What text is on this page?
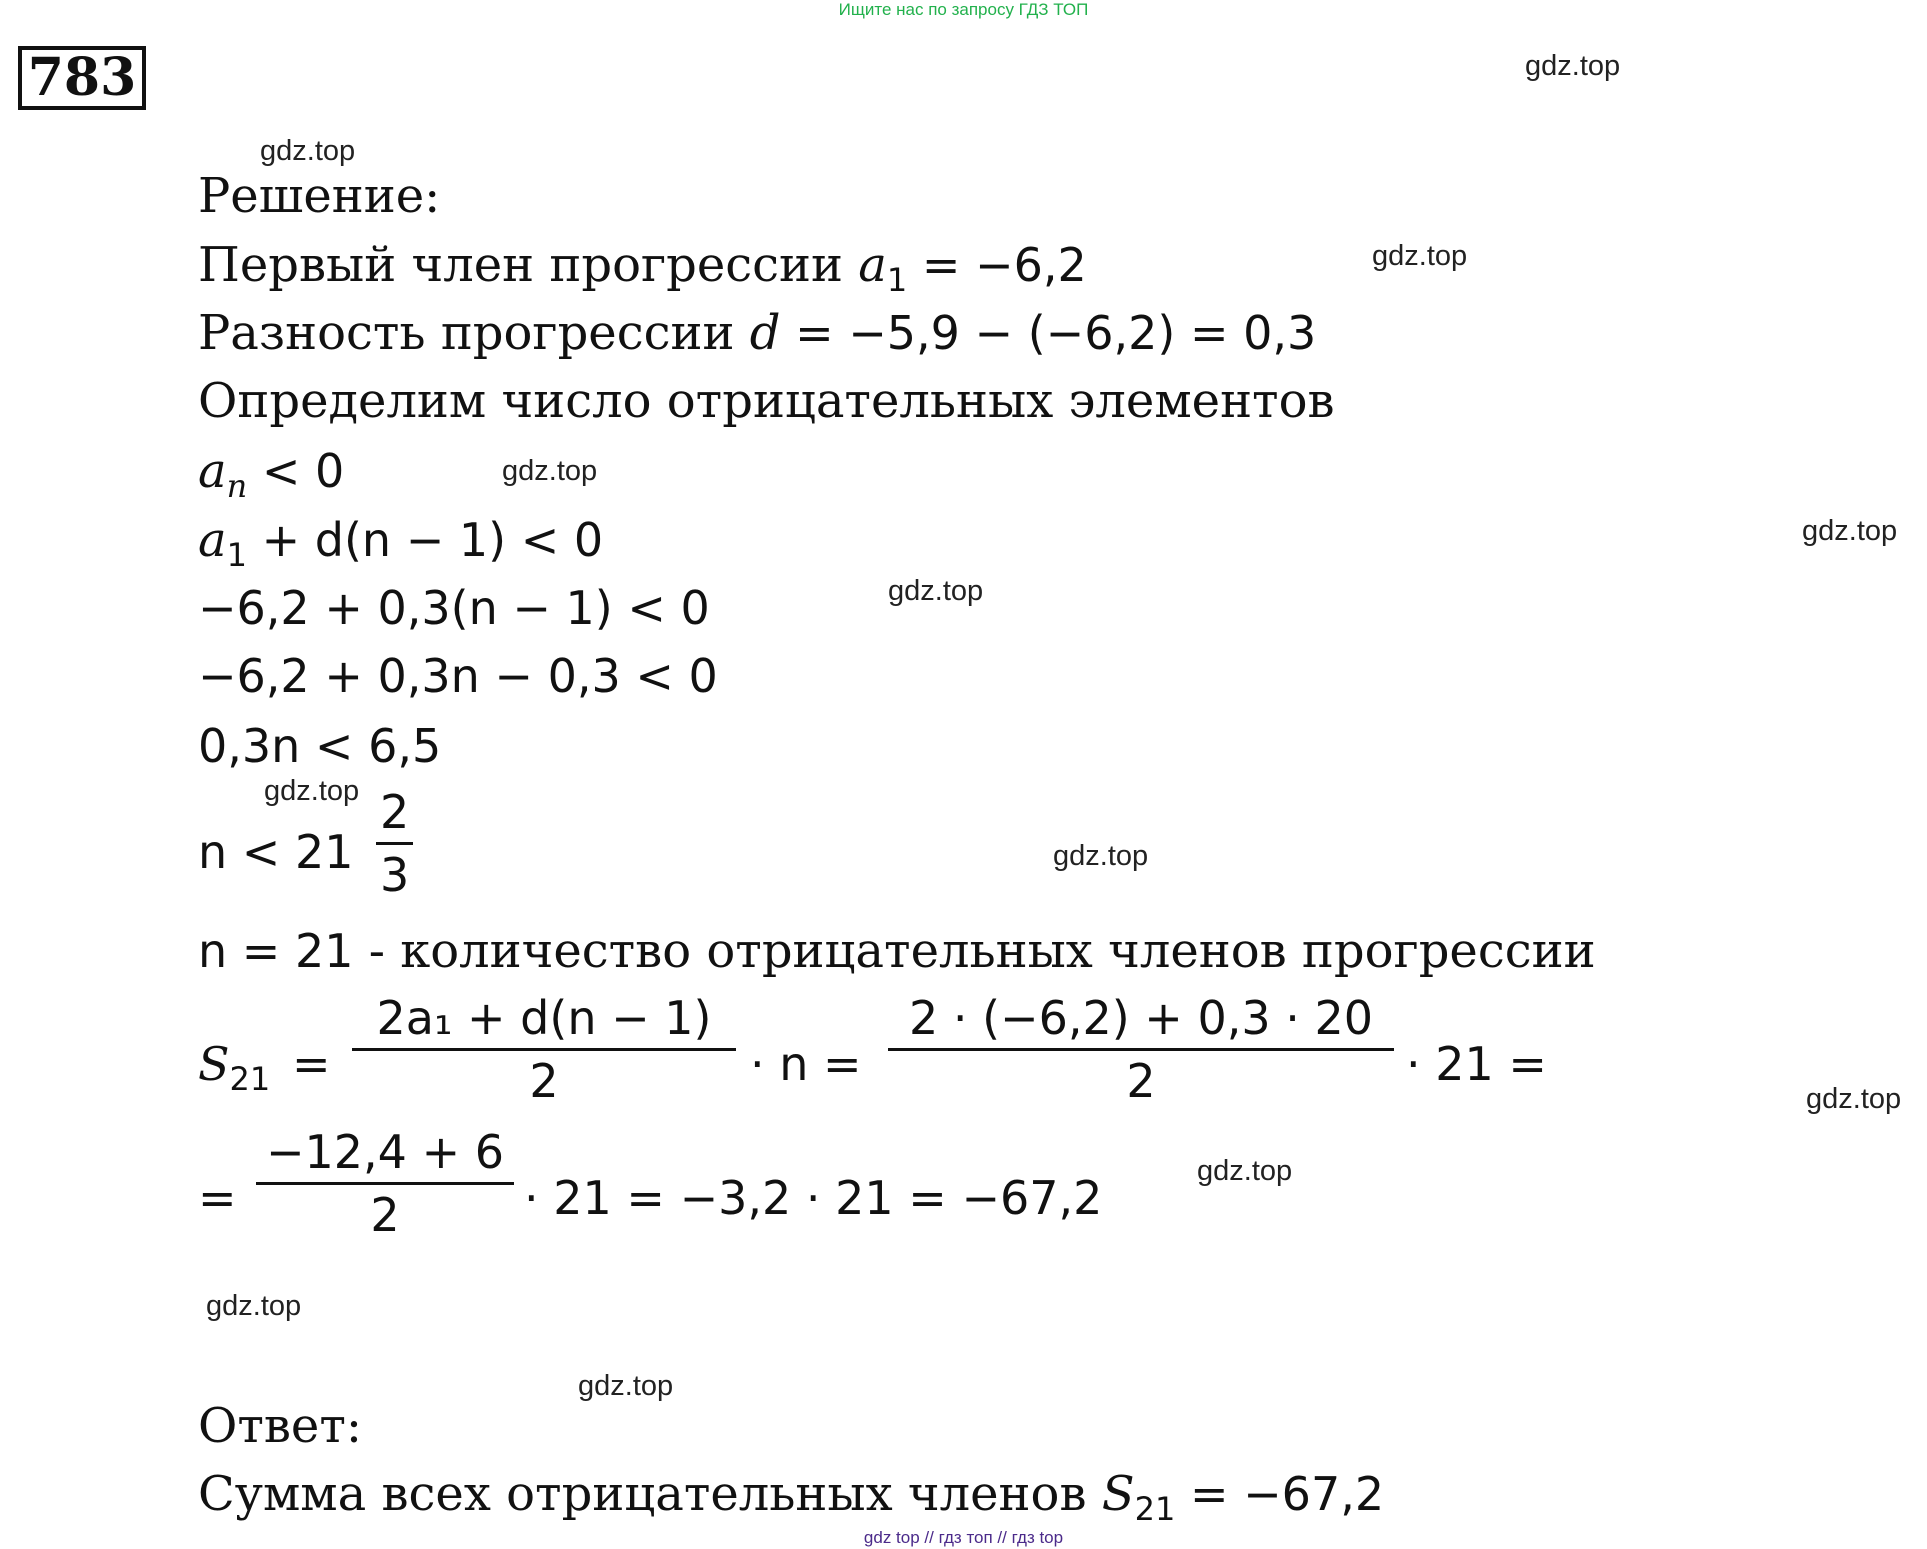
Ищите нас по запросу ГДЗ ТОП
783	gdz.top
gdz.top
gdz.top
gdz.top
gdz.top
gdz.top
gdz.top
gdz.top
gdz.top
gdz.top
gdz.top
gdz.top
Решение:
Первый член прогрессии $a_1 = -6,2$
Разность прогрессии d = −5,9 − (−6,2) = 0,3
Определим число отрицательных элементов
$a_n < 0$
$a_1 + d(n - 1) < 0$
−6,2 + 0,3(n − 1) < 0
−6,2 + 0,3n − 0,3 < 0
0,3n < 6,5
n < 21
2
3
n = 21 - количество отрицательных членов прогрессии
$S_{21}$ =
2a₁ + d(n − 1)
2	· n =
2 · (−6,2) + 0,3 · 20
2	· 21 =
=
−12,4 + 6
2	· 21 = −3,2 · 21 = −67,2
Ответ:
Сумма всех отрицательных членов $S_{21} = -67,2$
gdz top // гдз топ // гдз top
